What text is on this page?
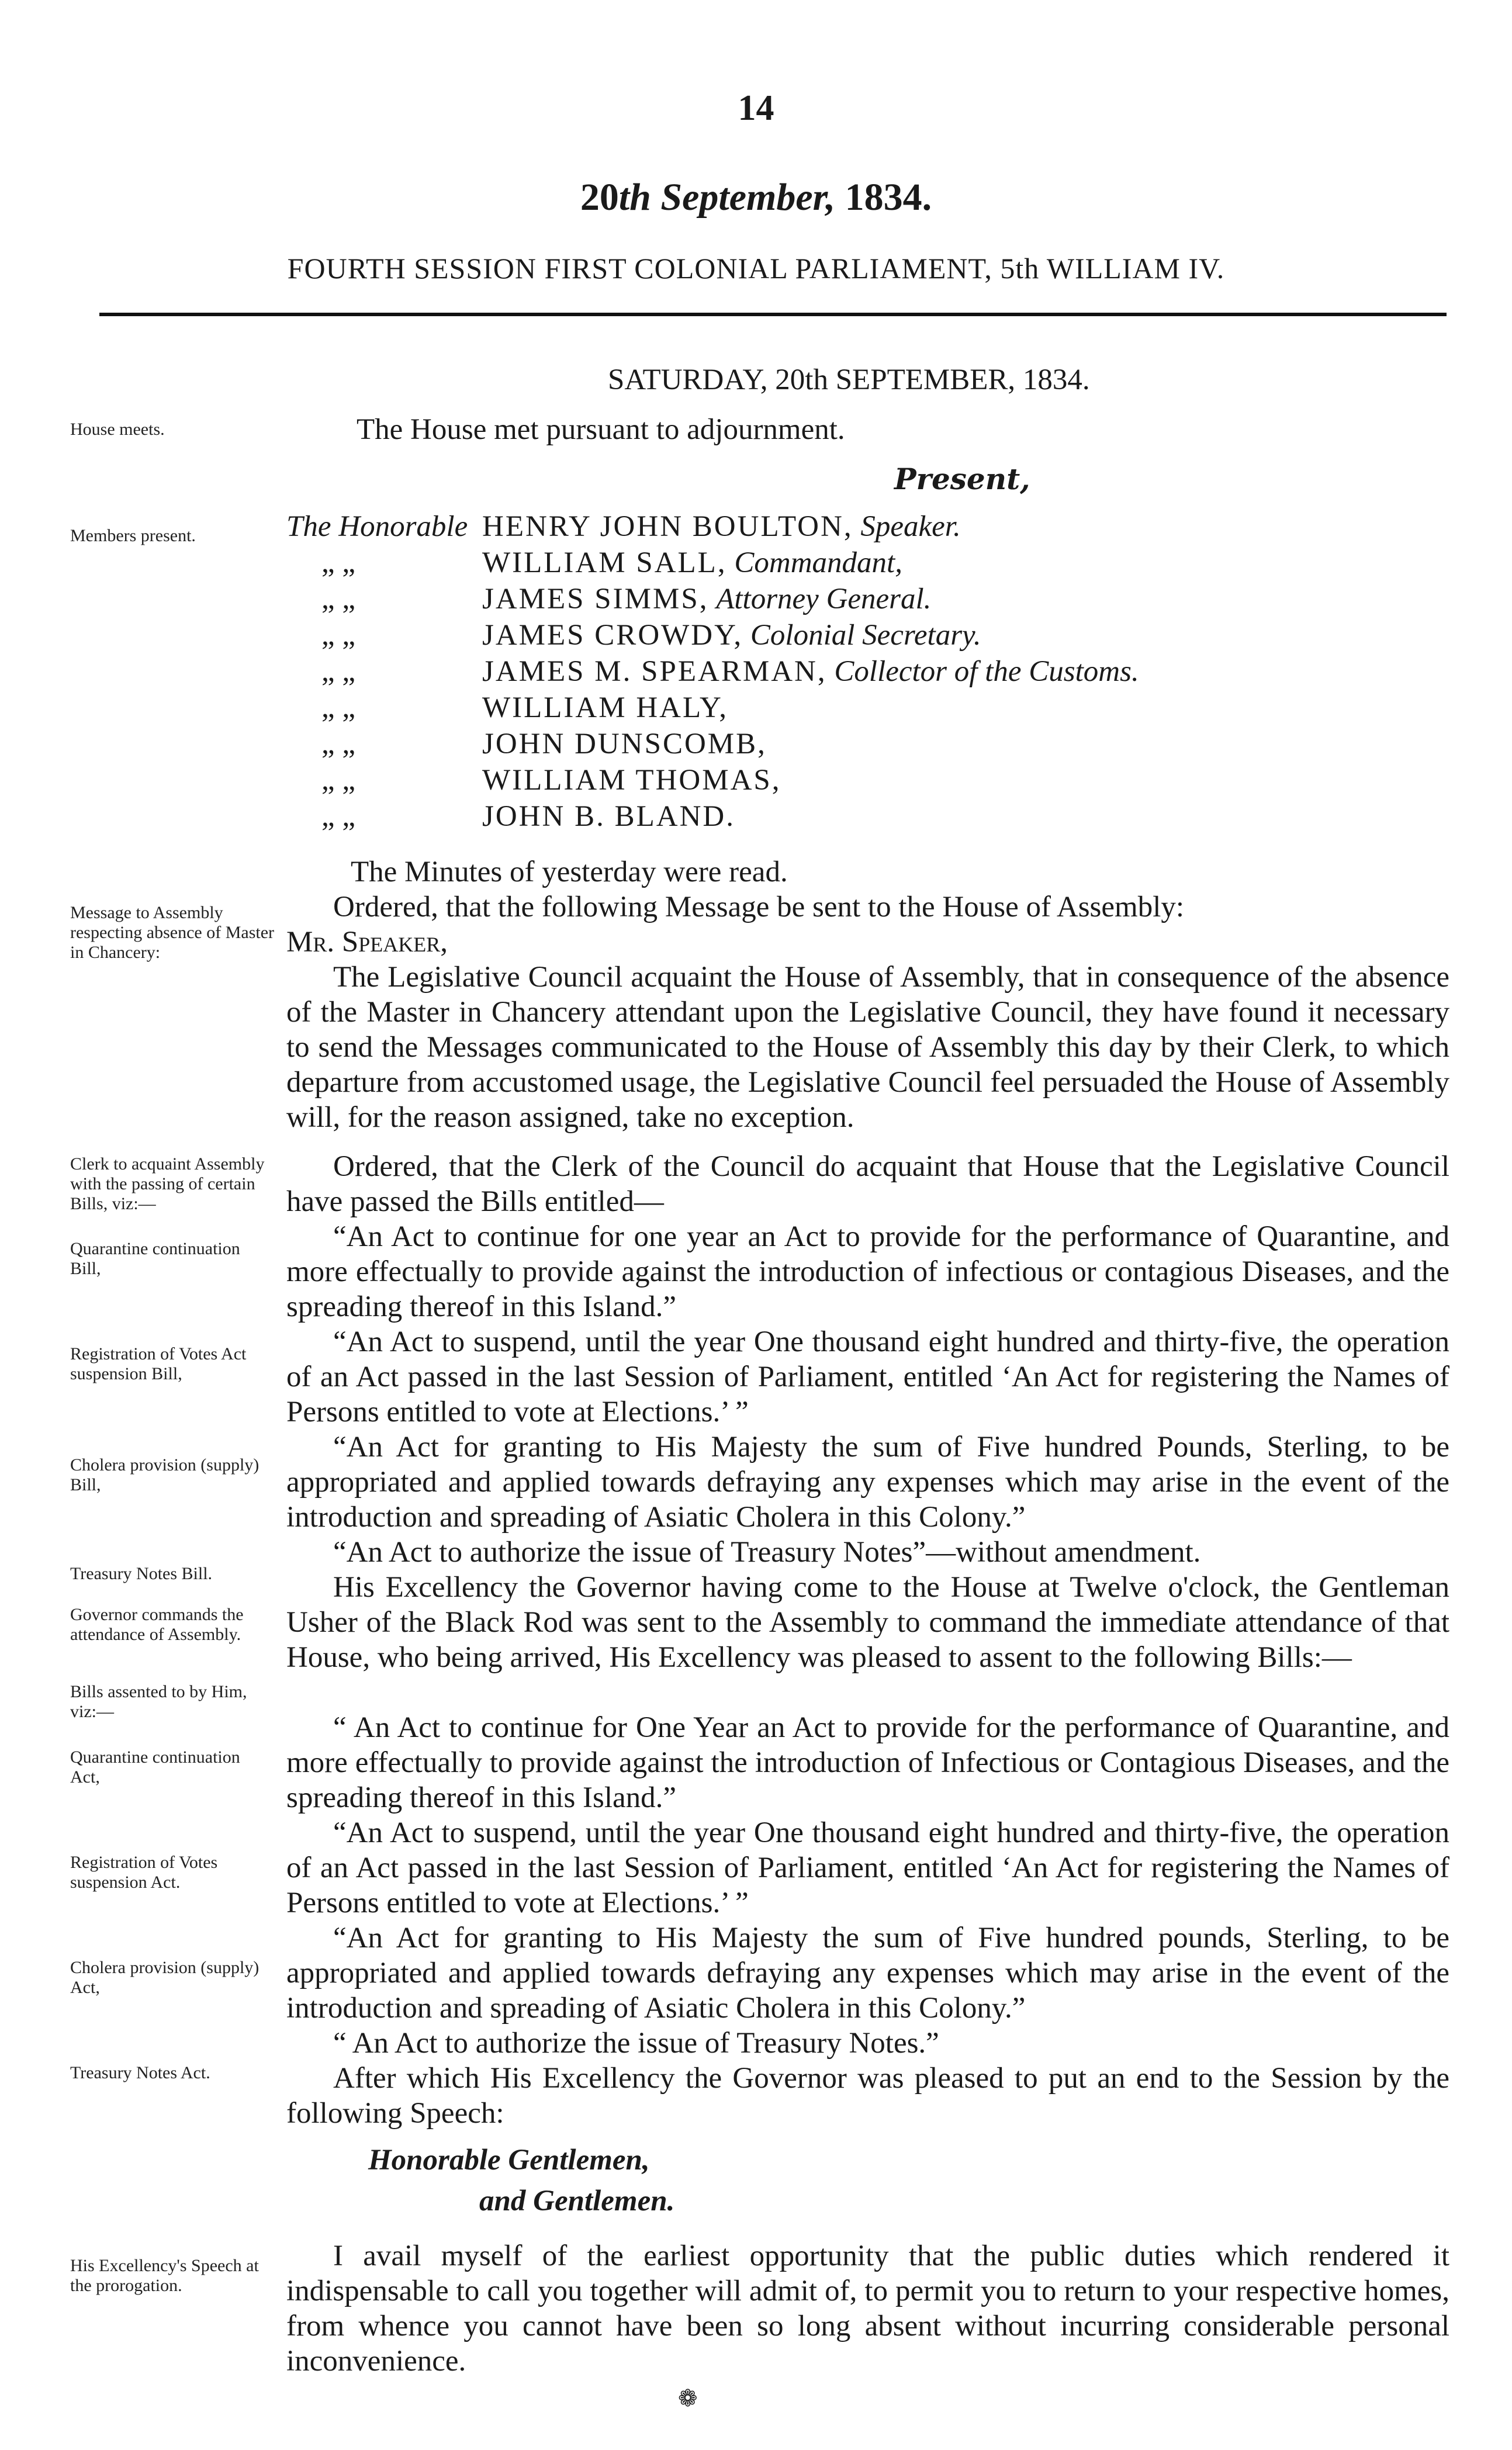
14
20th September, 1834.
FOURTH SESSION FIRST COLONIAL PARLIAMENT, 5th WILLIAM IV.
House meets.
Members present.
Message to Assembly respecting absence of Master in Chancery:
Clerk to acquaint Assembly with the passing of certain Bills, viz:—
Quarantine continuation Bill,
Registration of Votes Act suspension Bill,
Cholera provision (supply) Bill,
Treasury Notes Bill.
Governor commands the attendance of Assembly.
Bills assented to by Him, viz:—
Quarantine continuation Act,
Registration of Votes suspension Act.
Cholera provision (supply) Act,
Treasury Notes Act.
His Excellency's Speech at the prorogation.
SATURDAY, 20th SEPTEMBER, 1834.
The House met pursuant to adjournment.
Present,
The Honorable HENRY JOHN BOULTON, Speaker.
„ „	WILLIAM SALL, Commandant,
„ „	JAMES SIMMS, Attorney General.
„ „	JAMES CROWDY, Colonial Secretary.
„ „	JAMES M. SPEARMAN, Collector of the Customs.
„ „	WILLIAM HALY,
„ „	JOHN DUNSCOMB,
„ „	WILLIAM THOMAS,
„ „	JOHN B. BLAND.
The Minutes of yesterday were read.
Ordered, that the following Message be sent to the House of Assembly:
Mr. Speaker,
The Legislative Council acquaint the House of Assembly, that in consequence of the absence of the Master in Chancery attendant upon the Legislative Council, they have found it necessary to send the Messages communicated to the House of Assembly this day by their Clerk, to which departure from accustomed usage, the Legislative Council feel persuaded the House of Assembly will, for the reason assigned, take no exception.
Ordered, that the Clerk of the Council do acquaint that House that the Legislative Council have passed the Bills entitled—
“An Act to continue for one year an Act to provide for the performance of Quarantine, and more effectually to provide against the introduction of infectious or contagious Diseases, and the spreading thereof in this Island.”
“An Act to suspend, until the year One thousand eight hundred and thirty-five, the operation of an Act passed in the last Session of Parliament, entitled ‘An Act for registering the Names of Persons entitled to vote at Elections.’ ”
“An Act for granting to His Majesty the sum of Five hundred Pounds, Sterling, to be appropriated and applied towards defraying any expenses which may arise in the event of the introduction and spreading of Asiatic Cholera in this Colony.”
“An Act to authorize the issue of Treasury Notes”—without amendment.
His Excellency the Governor having come to the House at Twelve o'clock, the Gentleman Usher of the Black Rod was sent to the Assembly to command the immediate attendance of that House, who being arrived, His Excellency was pleased to assent to the following Bills:—
“ An Act to continue for One Year an Act to provide for the performance of Quarantine, and more effectually to provide against the introduction of Infectious or Contagious Diseases, and the spreading thereof in this Island.”
“An Act to suspend, until the year One thousand eight hundred and thirty-five, the operation of an Act passed in the last Session of Parliament, entitled ‘An Act for registering the Names of Persons entitled to vote at Elections.’ ”
“An Act for granting to His Majesty the sum of Five hundred pounds, Sterling, to be appropriated and applied towards defraying any expenses which may arise in the event of the introduction and spreading of Asiatic Cholera in this Colony.”
“ An Act to authorize the issue of Treasury Notes.”
After which His Excellency the Governor was pleased to put an end to the Session by the following Speech:
Honorable Gentlemen,
and Gentlemen.
I avail myself of the earliest opportunity that the public duties which rendered it indispensable to call you together will admit of, to permit you to return to your respective homes, from whence you cannot have been so long absent without incurring considerable personal inconvenience.
❁
